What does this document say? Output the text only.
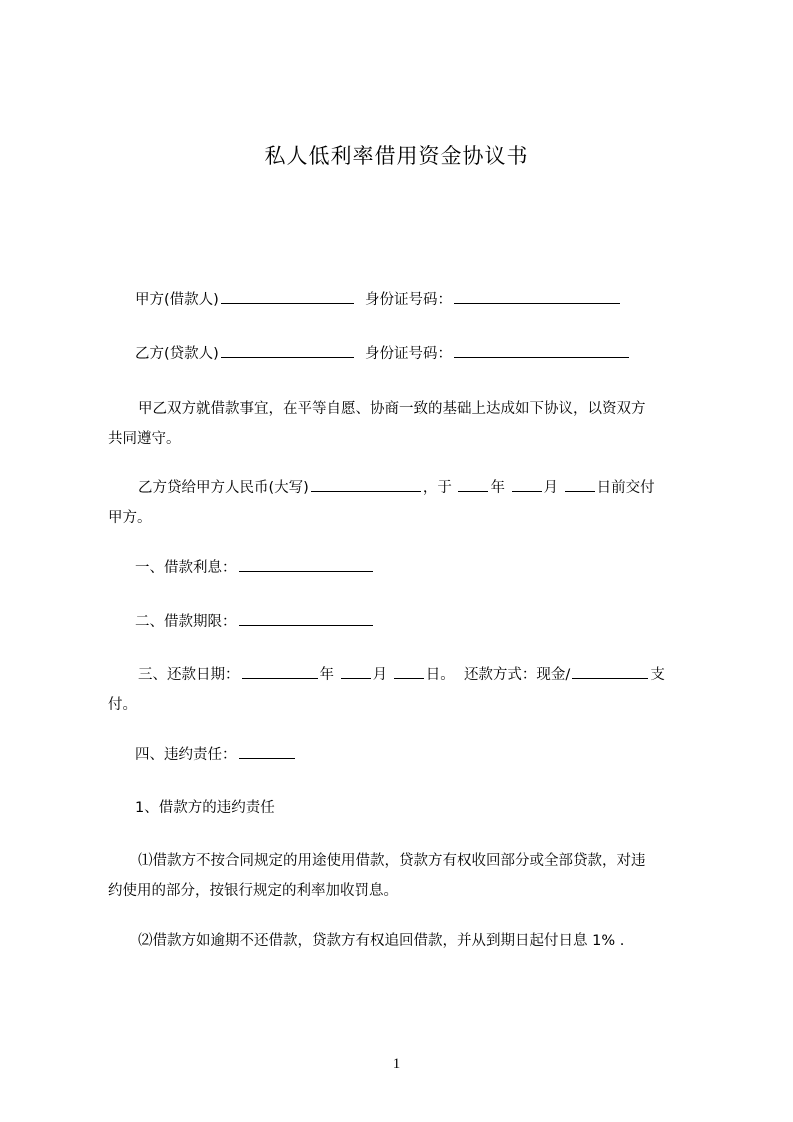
私人低利率借用资金协议书
甲方(借款人)	身份证号码：
乙方(贷款人)	身份证号码：
甲乙双方就借款事宜，在平等自愿、协商一致的基础上达成如下协议，以资双方
共同遵守。
乙方贷给甲方人民币(大写)	，于	年	月	日前交付
甲方。
一、借款利息：
二、借款期限：
三、还款日期：	年	月	日。 还款方式：现金/	支
付。
四、违约责任：
1、借款方的违约责任
⑴借款方不按合同规定的用途使用借款，贷款方有权收回部分或全部贷款，对违
约使用的部分，按银行规定的利率加收罚息。
⑵借款方如逾期不还借款，贷款方有权追回借款，并从到期日起付日息 1% .
1
